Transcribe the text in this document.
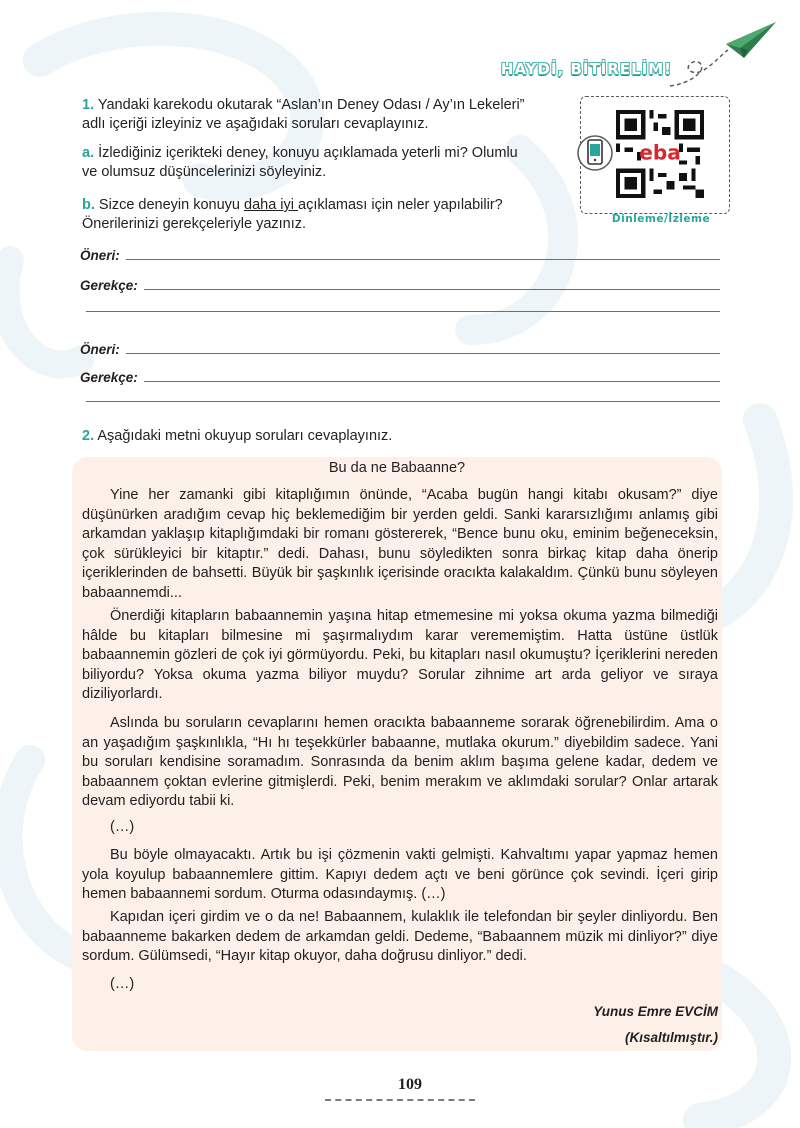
HAYDİ, BİTİRELİM!
1. Yandaki karekodu okutarak “Aslan’ın Deney Odası / Ay’ın Lekeleri”
adlı içeriği izleyiniz ve aşağıdaki soruları cevaplayınız.
a. İzlediğiniz içerikteki deney, konuyu açıklamada yeterli mi? Olumlu
ve olumsuz düşüncelerinizi söyleyiniz.
b. Sizce deneyin konuyu daha iyi açıklaması için neler yapılabilir?
Önerilerinizi gerekçeleriyle yazınız.
eba
Dinleme/İzleme
Öneri:
Gerekçe:
Öneri:
Gerekçe:
2. Aşağıdaki metni okuyup soruları cevaplayınız.
Bu da ne Babaanne?

Yine her zamanki gibi kitaplığımın önünde, “Acaba bugün hangi kitabı okusam?” diye düşünürken aradığım cevap hiç beklemediğim bir yerden geldi. Sanki kararsızlığımı anlamış gibi arkamdan yaklaşıp kitaplığımdaki bir romanı göstererek, “Bence bunu oku, eminim beğeneceksin, çok sürükleyici bir kitaptır.” dedi. Dahası, bunu söyledikten sonra birkaç kitap daha önerip içeriklerinden de bahsetti. Büyük bir şaşkınlık içerisinde oracıkta kalakaldım. Çünkü bunu söyleyen babaannemdi...

Önerdiği kitapların babaannemin yaşına hitap etmemesine mi yoksa okuma yazma bilmediği hâlde bu kitapları bilmesine mi şaşırmalıydım karar verememiştim. Hatta üstüne üstlük babaannemin gözleri de çok iyi görmüyordu. Peki, bu kitapları nasıl okumuştu? İçeriklerini nereden biliyordu? Yoksa okuma yazma biliyor muydu? Sorular zihnime art arda geliyor ve sıraya diziliyorlardı.

Aslında bu soruların cevaplarını hemen oracıkta babaanneme sorarak öğrenebilirdim. Ama o an yaşadığım şaşkınlıkla, “Hı hı teşekkürler babaanne, mutlaka okurum.” diyebildim sadece. Yani bu soruları kendisine soramadım. Sonrasında da benim aklım başıma gelene kadar, dedem ve babaannem çoktan evlerine gitmişlerdi. Peki, benim merakım ve aklımdaki sorular? Onlar artarak devam ediyordu tabii ki.

(…)

Bu böyle olmayacaktı. Artık bu işi çözmenin vakti gelmişti. Kahvaltımı yapar yapmaz hemen yola koyulup babaannemlere gittim. Kapıyı dedem açtı ve beni görünce çok sevindi. İçeri girip hemen babaannemi sordum. Oturma odasındaymış. (…)

Kapıdan içeri girdim ve o da ne! Babaannem, kulaklık ile telefondan bir şeyler dinliyordu. Ben babaanneme bakarken dedem de arkamdan geldi. Dedeme, “Babaannem müzik mi dinliyor?” diye sordum. Gülümsedi, “Hayır kitap okuyor, daha doğrusu dinliyor.” dedi.

(…)
Yunus Emre EVCİM
(Kısaltılmıştır.)
109
